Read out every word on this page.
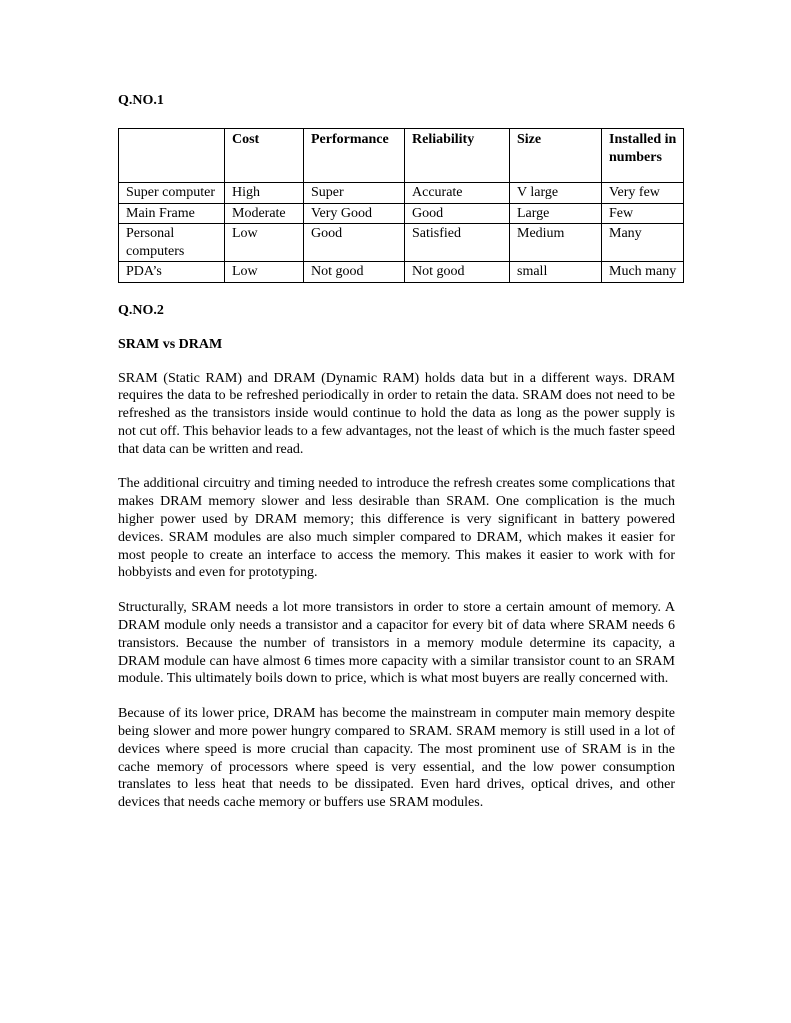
Q.NO.1

	Cost	Performance	Reliability	Size	Installed in numbers
Super computer	High	Super	Accurate	V large	Very few
Main Frame	Moderate	Very Good	Good	Large	Few
Personal computers	Low	Good	Satisfied	Medium	Many
PDA’s	Low	Not good	Not good	small	Much many

Q.NO.2

SRAM vs DRAM

SRAM (Static RAM) and DRAM (Dynamic RAM) holds data but in a different ways. DRAM requires the data to be refreshed periodically in order to retain the data. SRAM does not need to be refreshed as the transistors inside would continue to hold the data as long as the power supply is not cut off. This behavior leads to a few advantages, not the least of which is the much faster speed that data can be written and read.

The additional circuitry and timing needed to introduce the refresh creates some complications that makes DRAM memory slower and less desirable than SRAM. One complication is the much higher power used by DRAM memory; this difference is very significant in battery powered devices. SRAM modules are also much simpler compared to DRAM, which makes it easier for most people to create an interface to access the memory. This makes it easier to work with for hobbyists and even for prototyping.

Structurally, SRAM needs a lot more transistors in order to store a certain amount of memory. A DRAM module only needs a transistor and a capacitor for every bit of data where SRAM needs 6 transistors. Because the number of transistors in a memory module determine its capacity, a DRAM module can have almost 6 times more capacity with a similar transistor count to an SRAM module. This ultimately boils down to price, which is what most buyers are really concerned with.

Because of its lower price, DRAM has become the mainstream in computer main memory despite being slower and more power hungry compared to SRAM. SRAM memory is still used in a lot of devices where speed is more crucial than capacity. The most prominent use of SRAM is in the cache memory of processors where speed is very essential, and the low power consumption translates to less heat that needs to be dissipated. Even hard drives, optical drives, and other devices that needs cache memory or buffers use SRAM modules.
